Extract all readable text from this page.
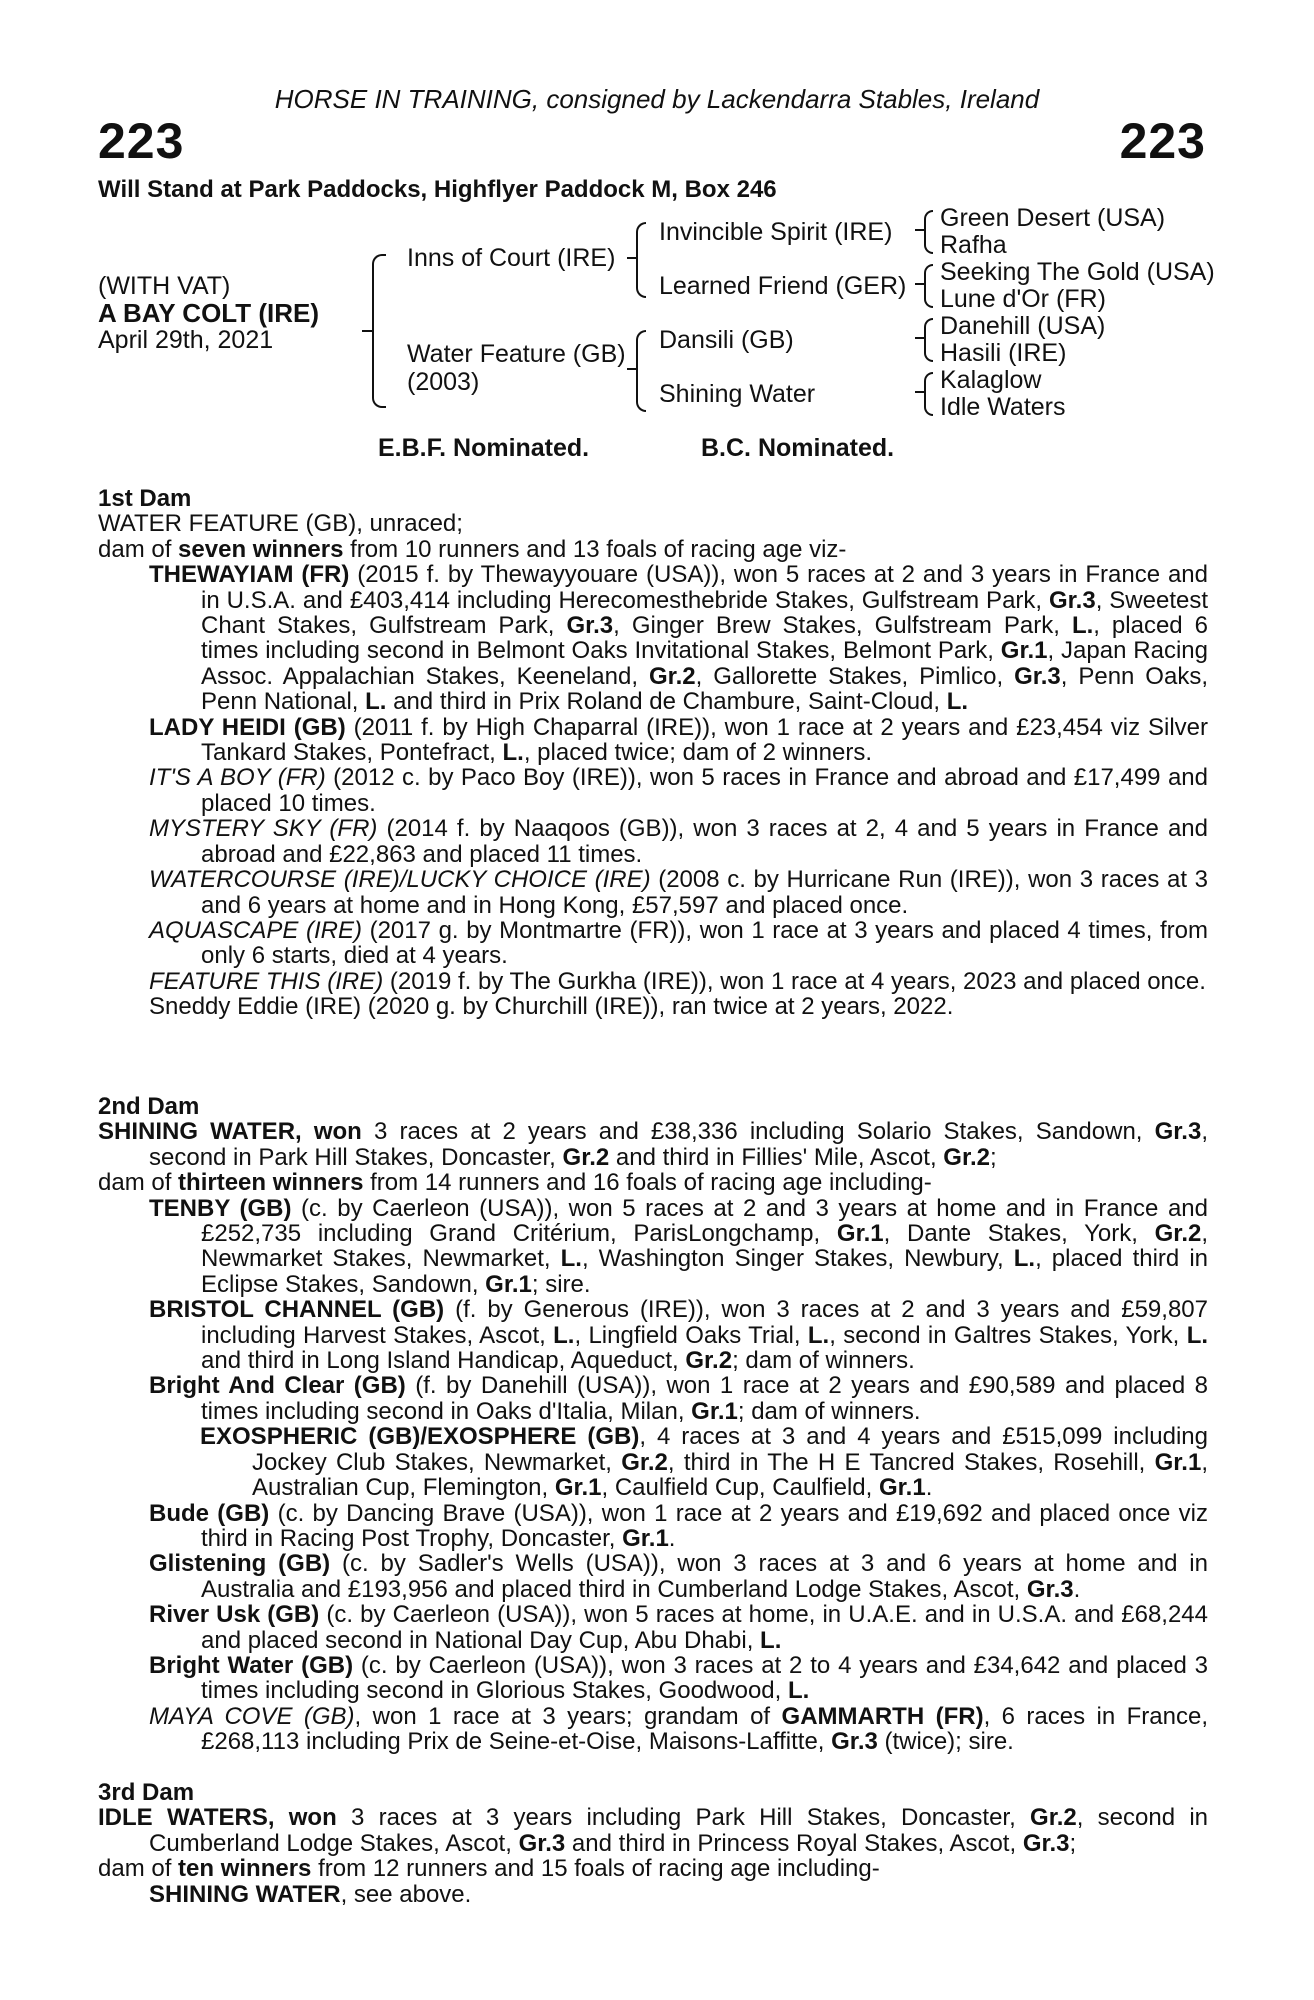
HORSE IN TRAINING, consigned by Lackendarra Stables, Ireland
223	223
Will Stand at Park Paddocks, Highflyer Paddock M, Box 246
(WITH VAT)
A BAY COLT (IRE)
April 29th, 2021
Inns of Court (IRE)
Water Feature (GB)
(2003)
Invincible Spirit (IRE)
Learned Friend (GER)
Dansili (GB)
Shining Water
Green Desert (USA)
Rafha
Seeking The Gold (USA)
Lune d'Or (FR)
Danehill (USA)
Hasili (IRE)
Kalaglow
Idle Waters
E.B.F. Nominated.	B.C. Nominated.
1st Dam

WATER FEATURE (GB), unraced;

dam of seven winners from 10 runners and 13 foals of racing age viz-

THEWAYIAM (FR) (2015 f. by Thewayyouare (USA)), won 5 races at 2 and 3 years in France and in U.S.A. and £403,414 including Herecomesthebride Stakes, Gulfstream Park, Gr.3, Sweetest Chant Stakes, Gulfstream Park, Gr.3, Ginger Brew Stakes, Gulfstream Park, L., placed 6 times including second in Belmont Oaks Invitational Stakes, Belmont Park, Gr.1, Japan Racing Assoc. Appalachian Stakes, Keeneland, Gr.2, Gallorette Stakes, Pimlico, Gr.3, Penn Oaks, Penn National, L. and third in Prix Roland de Chambure, Saint-Cloud, L.

LADY HEIDI (GB) (2011 f. by High Chaparral (IRE)), won 1 race at 2 years and £23,454 viz Silver Tankard Stakes, Pontefract, L., placed twice; dam of 2 winners.

IT'S A BOY (FR) (2012 c. by Paco Boy (IRE)), won 5 races in France and abroad and £17,499 and placed 10 times.

MYSTERY SKY (FR) (2014 f. by Naaqoos (GB)), won 3 races at 2, 4 and 5 years in France and abroad and £22,863 and placed 11 times.

WATERCOURSE (IRE)/LUCKY CHOICE (IRE) (2008 c. by Hurricane Run (IRE)), won 3 races at 3 and 6 years at home and in Hong Kong, £57,597 and placed once.

AQUASCAPE (IRE) (2017 g. by Montmartre (FR)), won 1 race at 3 years and placed 4 times, from only 6 starts, died at 4 years.

FEATURE THIS (IRE) (2019 f. by The Gurkha (IRE)), won 1 race at 4 years, 2023 and placed once.

Sneddy Eddie (IRE) (2020 g. by Churchill (IRE)), ran twice at 2 years, 2022.

2nd Dam

SHINING WATER, won 3 races at 2 years and £38,336 including Solario Stakes, Sandown, Gr.3, second in Park Hill Stakes, Doncaster, Gr.2 and third in Fillies' Mile, Ascot, Gr.2;

dam of thirteen winners from 14 runners and 16 foals of racing age including-

TENBY (GB) (c. by Caerleon (USA)), won 5 races at 2 and 3 years at home and in France and £252,735 including Grand Critérium, ParisLongchamp, Gr.1, Dante Stakes, York, Gr.2, Newmarket Stakes, Newmarket, L., Washington Singer Stakes, Newbury, L., placed third in Eclipse Stakes, Sandown, Gr.1; sire.

BRISTOL CHANNEL (GB) (f. by Generous (IRE)), won 3 races at 2 and 3 years and £59,807 including Harvest Stakes, Ascot, L., Lingfield Oaks Trial, L., second in Galtres Stakes, York, L. and third in Long Island Handicap, Aqueduct, Gr.2; dam of winners.

Bright And Clear (GB) (f. by Danehill (USA)), won 1 race at 2 years and £90,589 and placed 8 times including second in Oaks d'Italia, Milan, Gr.1; dam of winners.

EXOSPHERIC (GB)/EXOSPHERE (GB), 4 races at 3 and 4 years and £515,099 including Jockey Club Stakes, Newmarket, Gr.2, third in The H E Tancred Stakes, Rosehill, Gr.1, Australian Cup, Flemington, Gr.1, Caulfield Cup, Caulfield, Gr.1.

Bude (GB) (c. by Dancing Brave (USA)), won 1 race at 2 years and £19,692 and placed once viz third in Racing Post Trophy, Doncaster, Gr.1.

Glistening (GB) (c. by Sadler's Wells (USA)), won 3 races at 3 and 6 years at home and in Australia and £193,956 and placed third in Cumberland Lodge Stakes, Ascot, Gr.3.

River Usk (GB) (c. by Caerleon (USA)), won 5 races at home, in U.A.E. and in U.S.A. and £68,244 and placed second in National Day Cup, Abu Dhabi, L.

Bright Water (GB) (c. by Caerleon (USA)), won 3 races at 2 to 4 years and £34,642 and placed 3 times including second in Glorious Stakes, Goodwood, L.

MAYA COVE (GB), won 1 race at 3 years; grandam of GAMMARTH (FR), 6 races in France, £268,113 including Prix de Seine-et-Oise, Maisons-Laffitte, Gr.3 (twice); sire.

3rd Dam

IDLE WATERS, won 3 races at 3 years including Park Hill Stakes, Doncaster, Gr.2, second in Cumberland Lodge Stakes, Ascot, Gr.3 and third in Princess Royal Stakes, Ascot, Gr.3;

dam of ten winners from 12 runners and 15 foals of racing age including-

SHINING WATER, see above.
